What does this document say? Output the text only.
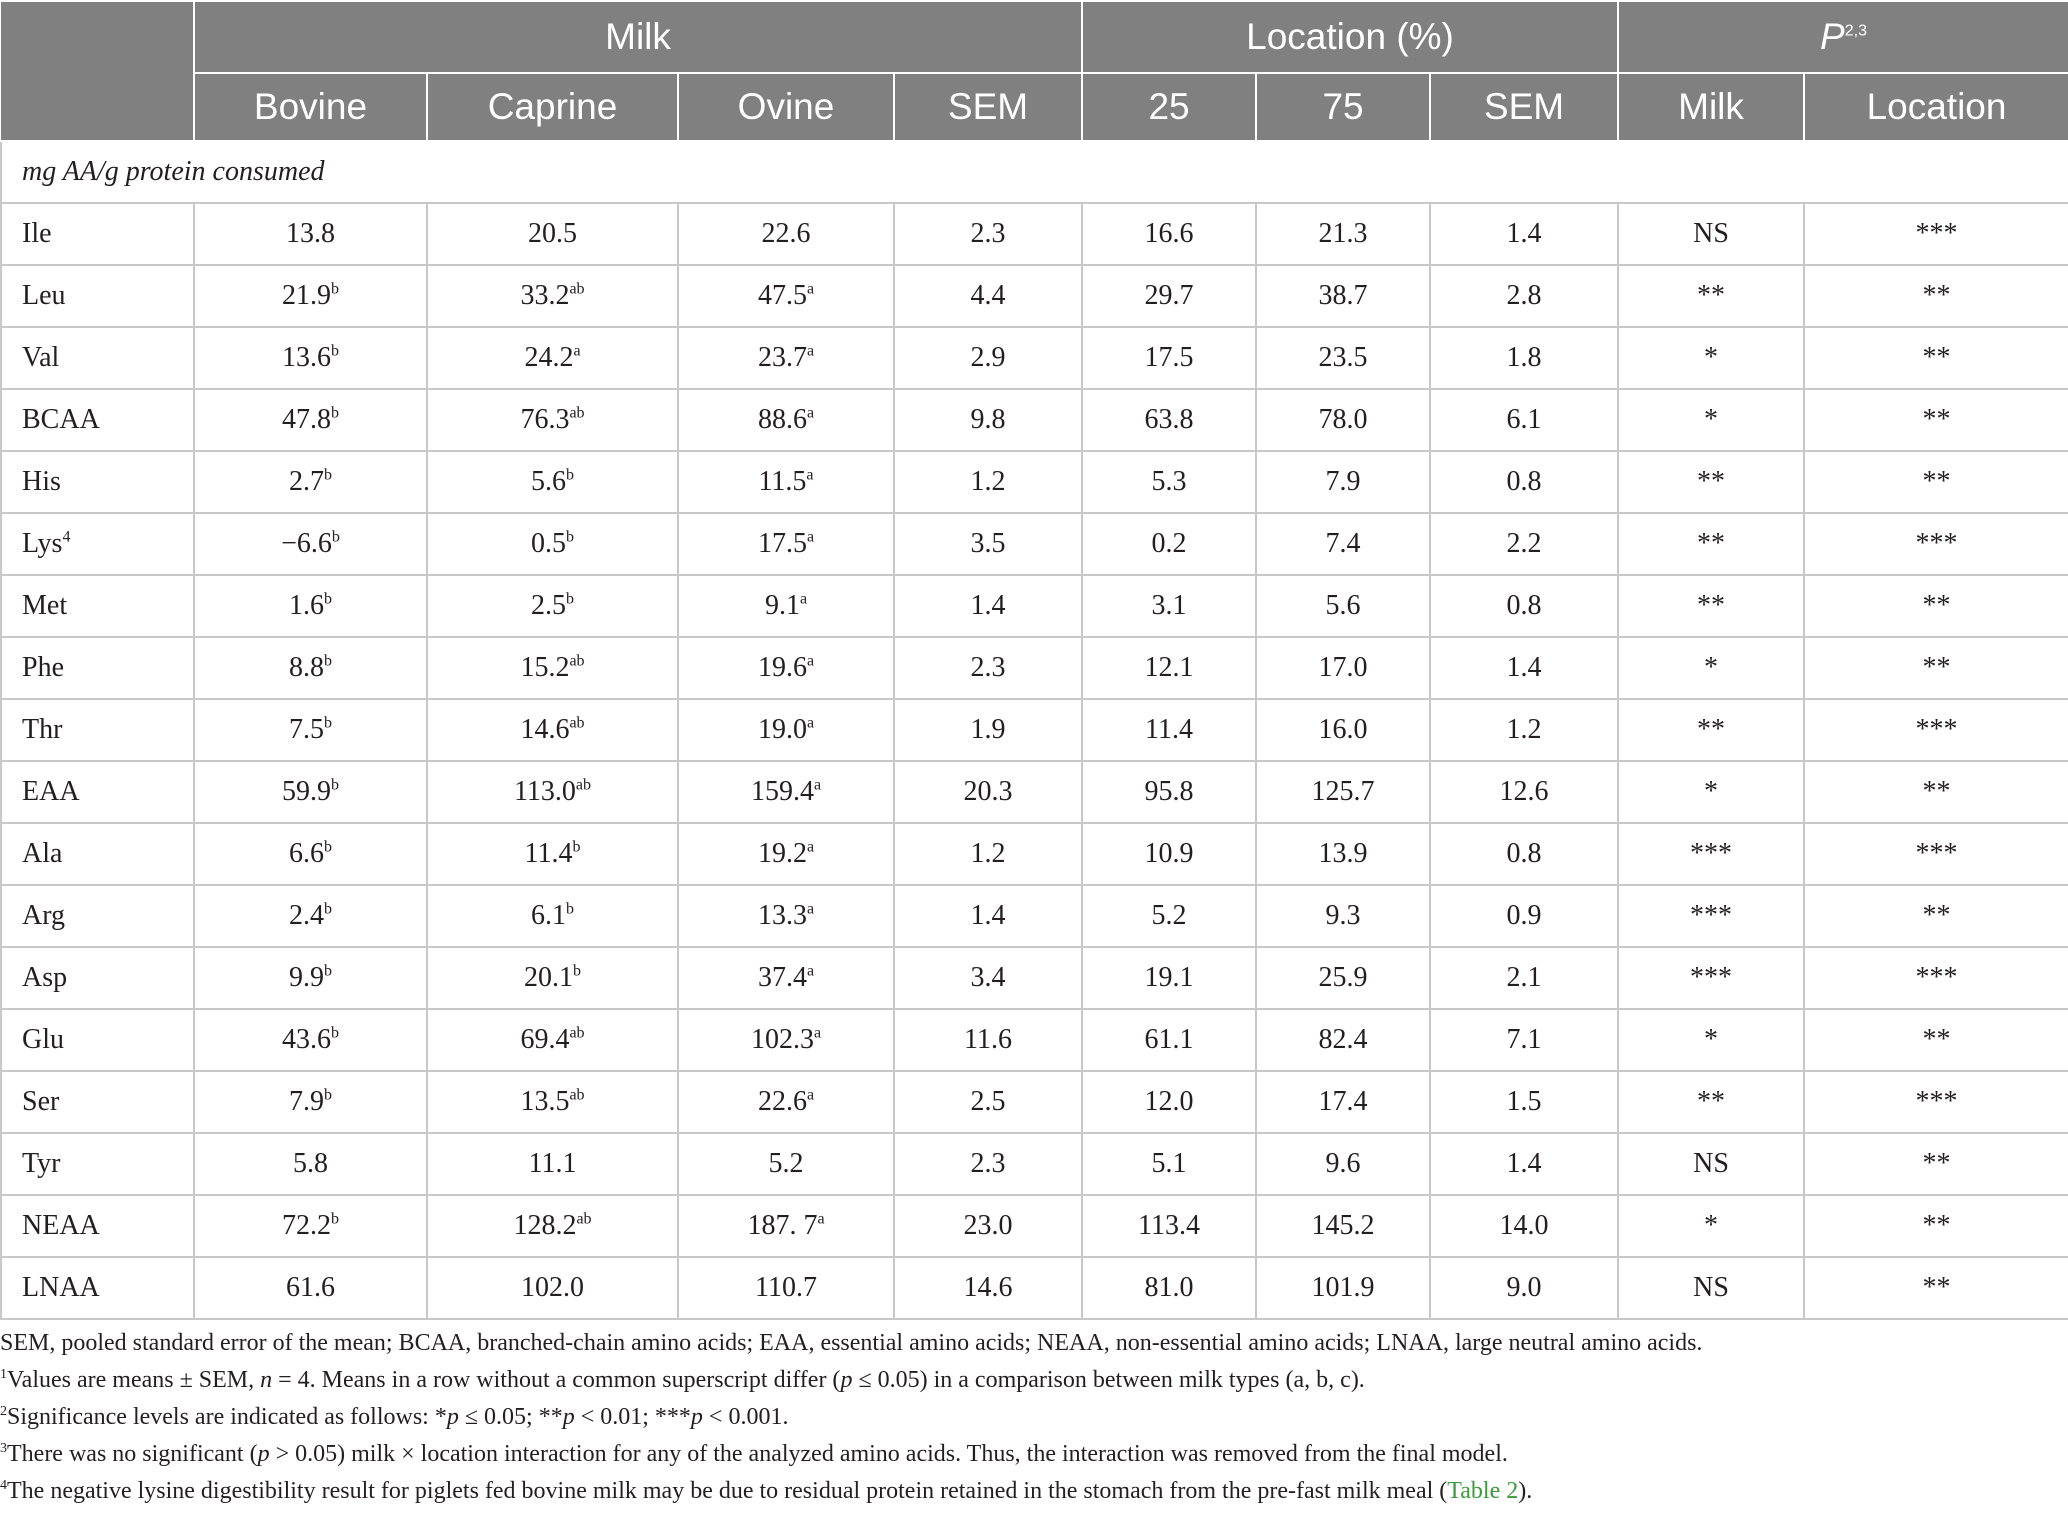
	Milk				Location (%)			P$^{2,3}$
	Bovine	Caprine	Ovine	SEM	25	75	SEM	Milk	Location
mg AA/g protein consumed									
Ile	13.8	20.5	22.6	2.3	16.6	21.3	1.4	NS	***
Leu	21.9$^b$	33.2$^{ab}$	47.5$^a$	4.4	29.7	38.7	2.8	**	**
Val	13.6$^b$	24.2$^a$	23.7$^a$	2.9	17.5	23.5	1.8	*	**
BCAA	47.8$^b$	76.3$^{ab}$	88.6$^a$	9.8	63.8	78.0	6.1	*	**
His	2.7$^b$	5.6$^b$	11.5$^a$	1.2	5.3	7.9	0.8	**	**
Lys$^4$	−6.6$^b$	0.5$^b$	17.5$^a$	3.5	0.2	7.4	2.2	**	***
Met	1.6$^b$	2.5$^b$	9.1$^a$	1.4	3.1	5.6	0.8	**	**
Phe	8.8$^b$	15.2$^{ab}$	19.6$^a$	2.3	12.1	17.0	1.4	*	**
Thr	7.5$^b$	14.6$^{ab}$	19.0$^a$	1.9	11.4	16.0	1.2	**	***
EAA	59.9$^b$	113.0$^{ab}$	159.4$^a$	20.3	95.8	125.7	12.6	*	**
Ala	6.6$^b$	11.4$^b$	19.2$^a$	1.2	10.9	13.9	0.8	***	***
Arg	2.4$^b$	6.1$^b$	13.3$^a$	1.4	5.2	9.3	0.9	***	**
Asp	9.9$^b$	20.1$^b$	37.4$^a$	3.4	19.1	25.9	2.1	***	***
Glu	43.6$^b$	69.4$^{ab}$	102.3$^a$	11.6	61.1	82.4	7.1	*	**
Ser	7.9$^b$	13.5$^{ab}$	22.6$^a$	2.5	12.0	17.4	1.5	**	***
Tyr	5.8	11.1	5.2	2.3	5.1	9.6	1.4	NS	**
NEAA	72.2$^b$	128.2$^{ab}$	187. 7$^a$	23.0	113.4	145.2	14.0	*	**
LNAA	61.6	102.0	110.7	14.6	81.0	101.9	9.0	NS	**
SEM, pooled standard error of the mean; BCAA, branched-chain amino acids; EAA, essential amino acids; NEAA, non-essential amino acids; LNAA, large neutral amino acids.
$^1$Values are means ± SEM, n = 4. Means in a row without a common superscript differ (p ≤ 0.05) in a comparison between milk types (a, b, c).
$^2$Significance levels are indicated as follows: *p ≤ 0.05; **p < 0.01; ***p < 0.001.
$^3$There was no significant (p > 0.05) milk × location interaction for any of the analyzed amino acids. Thus, the interaction was removed from the final model.
$^4$The negative lysine digestibility result for piglets fed bovine milk may be due to residual protein retained in the stomach from the pre-fast milk meal (Table 2).
